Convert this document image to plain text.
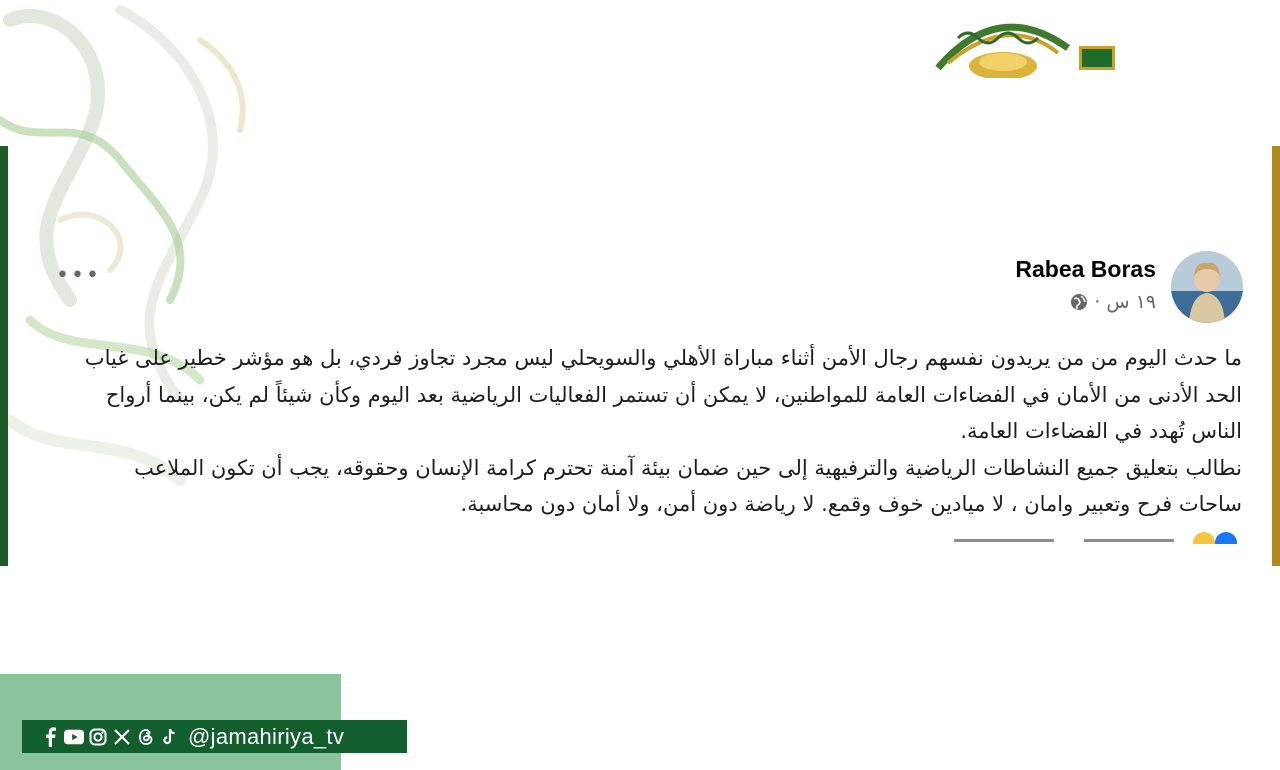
•••	Rabea Boras
١٩ س
·

ما حدث اليوم من من يريدون نفسهم رجال الأمن أثناء مباراة الأهلي والسويحلي ليس مجرد تجاوز فردي، بل هو مؤشر خطير على غياب الحد الأدنى من الأمان في الفضاءات العامة للمواطنين، لا يمكن أن تستمر الفعاليات الرياضية بعد اليوم وكأن شيئاً لم يكن، بينما أرواح الناس تُهدد في الفضاءات العامة.

نطالب بتعليق جميع النشاطات الرياضية والترفيهية إلى حين ضمان بيئة آمنة تحترم كرامة الإنسان وحقوقه، يجب أن تكون الملاعب ساحات فرح وتعبير وامان ، لا ميادين خوف وقمع. لا رياضة دون أمن، ولا أمان دون محاسبة.

@jamahiriya_tv
